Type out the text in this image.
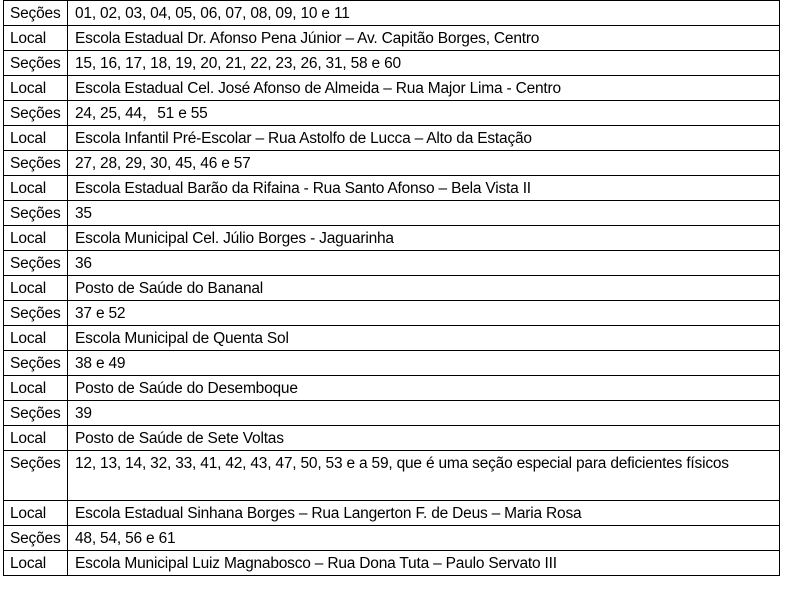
Seções	01, 02, 03, 04, 05, 06, 07, 08, 09, 10 e 11
Local	Escola Estadual Dr. Afonso Pena Júnior – Av. Capitão Borges, Centro
Seções	15, 16, 17, 18, 19, 20, 21, 22, 23, 26, 31, 58 e 60
Local	Escola Estadual Cel. José Afonso de Almeida – Rua Major Lima - Centro
Seções	24, 25, 44，51 e 55
Local	Escola Infantil Pré-Escolar – Rua Astolfo de Lucca – Alto da Estação
Seções	27, 28, 29, 30, 45, 46 e 57
Local	Escola Estadual Barão da Rifaina - Rua Santo Afonso – Bela Vista II
Seções	35
Local	Escola Municipal Cel. Júlio Borges - Jaguarinha
Seções	36
Local	Posto de Saúde do Bananal
Seções	37 e 52
Local	Escola Municipal de Quenta Sol
Seções	38 e 49
Local	Posto de Saúde do Desemboque
Seções	39
Local	Posto de Saúde de Sete Voltas
Seções	12, 13, 14, 32, 33, 41, 42, 43, 47, 50, 53 e a 59, que é uma seção especial para deficientes físicos
Local	Escola Estadual Sinhana Borges – Rua Langerton F. de Deus – Maria Rosa
Seções	48, 54, 56 e 61
Local	Escola Municipal Luiz Magnabosco – Rua Dona Tuta – Paulo Servato III
